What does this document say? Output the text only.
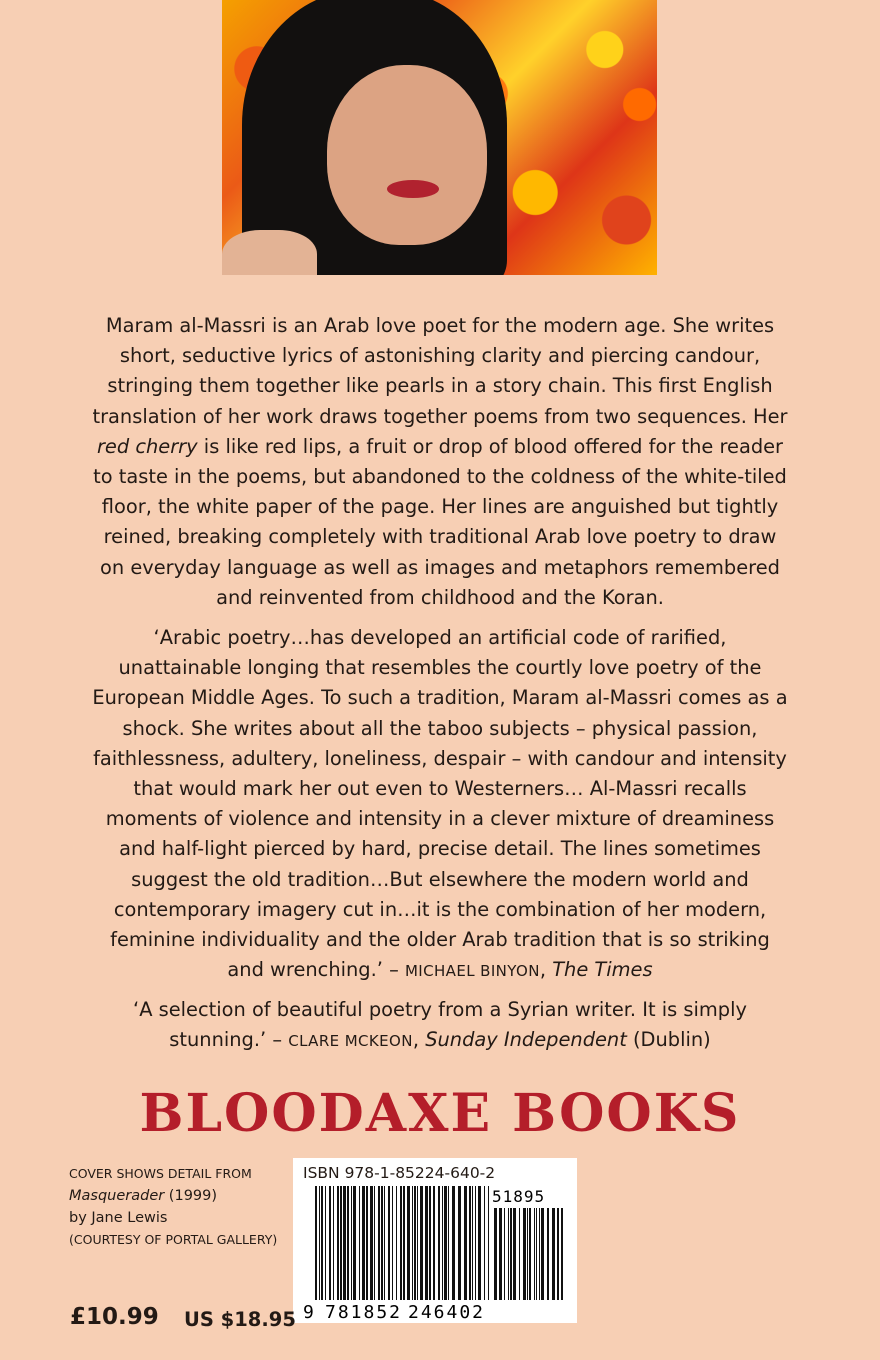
Maram al-Massri is an Arab love poet for the modern age. She writes short, seductive lyrics of astonishing clarity and piercing candour, stringing them together like pearls in a story chain. This first English translation of her work draws together poems from two sequences. Her red cherry is like red lips, a fruit or drop of blood offered for the reader to taste in the poems, but abandoned to the coldness of the white-tiled floor, the white paper of the page. Her lines are anguished but tightly reined, breaking completely with traditional Arab love poetry to draw on everyday language as well as images and metaphors remembered and reinvented from childhood and the Koran.

‘Arabic poetry…has developed an artificial code of rarified, unattainable longing that resembles the courtly love poetry of the European Middle Ages. To such a tradition, Maram al-Massri comes as a shock. She writes about all the taboo subjects – physical passion, faithlessness, adultery, loneliness, despair – with candour and intensity that would mark her out even to Westerners… Al-Massri recalls moments of violence and intensity in a clever mixture of dreaminess and half-light pierced by hard, precise detail. The lines sometimes suggest the old tradition…But elsewhere the modern world and contemporary imagery cut in…it is the combination of her modern, feminine individuality and the older Arab tradition that is so striking and wrenching.’ – MICHAEL BINYON, The Times

‘A selection of beautiful poetry from a Syrian writer. It is simply stunning.’ – CLARE MCKEON, Sunday Independent (Dublin)

BLOODAXE BOOKS
COVER SHOWS DETAIL FROM
Masquerader (1999)
by Jane Lewis
(COURTESY OF PORTAL GALLERY)
9 781852 246402
51895
ISBN 978-1-85224-640-2
£10.99 US $18.95
